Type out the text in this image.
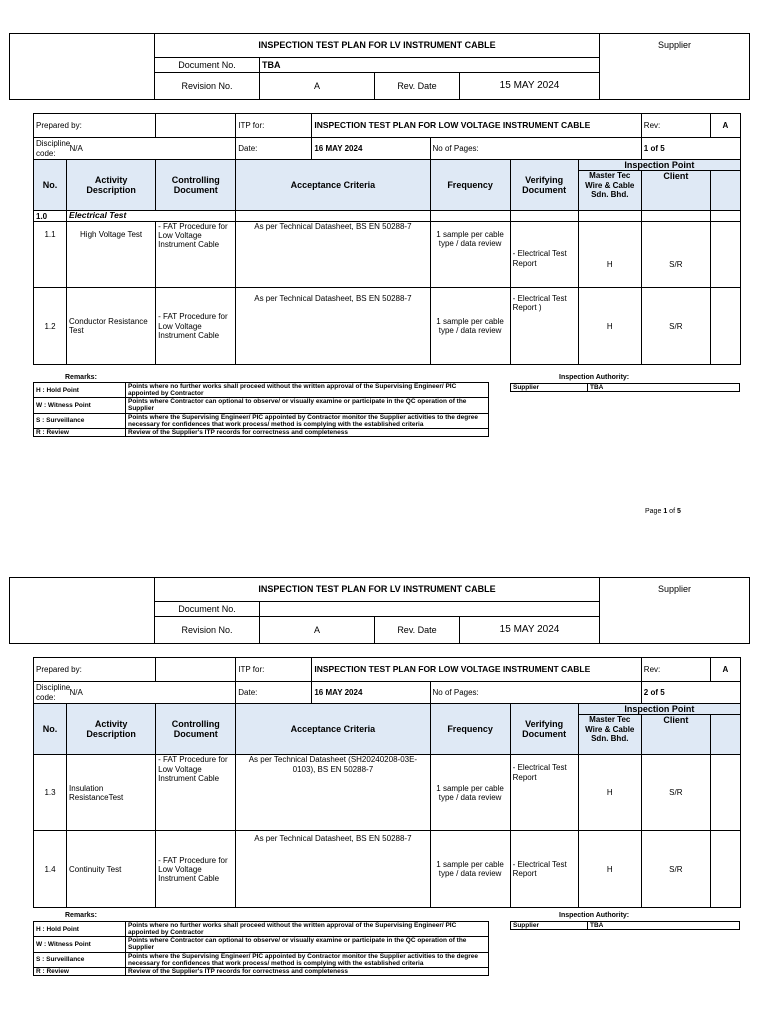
	INSPECTION TEST PLAN FOR LV INSTRUMENT CABLE				Supplier
	Document No.	TBA			
	Revision No.	A	Rev. Date	15 MAY 2024	
Prepared by:			ITP for:	INSPECTION TEST PLAN FOR LOW VOLTAGE INSTRUMENT CABLE				Rev:	A
Discipline code:	N/A		Date:	16 MAY 2024	No of Pages:			1 of 5	
No.	Activity Description	Controlling Document	Acceptance Criteria		Frequency	Verifying Document	Inspection Point		
							Master Tec Wire & Cable Sdn. Bhd.	Client	
1.0	Electrical Test								
1.1	High Voltage Test	- FAT Procedure for Low Voltage Instrument Cable	As per Technical Datasheet, BS EN 50288-7		1 sample per cable type / data review	- Electrical Test Report	H	S/R	
1.2	Conductor Resistance Test	- FAT Procedure for Low Voltage Instrument Cable	As per Technical Datasheet, BS EN 50288-7		1 sample per cable type / data review	- Electrical Test Report )	H	S/R	
Remarks:
H : Hold Point	Points where no further works shall proceed without the written approval of the Supervising Engineer/ PIC appointed by Contractor
W : Witness Point	Points where Contractor can optional to observe/ or visually examine or participate in the QC operation of the Supplier
S : Surveillance	Points where the Supervising Engineer/ PIC appointed by Contractor monitor the Supplier activities to the degree necessary for confidences that work process/ method is complying with the established criteria
R : Review	Review of the Supplier's ITP records for correctness and completeness
Inspection Authority:
Supplier	TBA
Page 1 of 5
	INSPECTION TEST PLAN FOR LV INSTRUMENT CABLE				Supplier
	Document No.				
	Revision No.	A	Rev. Date	15 MAY 2024	
Prepared by:			ITP for:	INSPECTION TEST PLAN FOR LOW VOLTAGE INSTRUMENT CABLE				Rev:	A
Discipline code:	N/A		Date:	16 MAY 2024	No of Pages:			2 of 5	
No.	Activity Description	Controlling Document	Acceptance Criteria		Frequency	Verifying Document	Inspection Point		
							Master Tec Wire & Cable Sdn. Bhd.	Client	
1.3	Insulation ResistanceTest	- FAT Procedure for Low Voltage Instrument Cable	As per Technical Datasheet (SH20240208-03E-0103), BS EN 50288-7		1 sample per cable type / data review	- Electrical Test Report	H	S/R	
1.4	Continuity Test	- FAT Procedure for Low Voltage Instrument Cable	As per Technical Datasheet, BS EN 50288-7		1 sample per cable type / data review	- Electrical Test Report	H	S/R	
Remarks:
H : Hold Point	Points where no further works shall proceed without the written approval of the Supervising Engineer/ PIC appointed by Contractor
W : Witness Point	Points where Contractor can optional to observe/ or visually examine or participate in the QC operation of the Supplier
S : Surveillance	Points where the Supervising Engineer/ PIC appointed by Contractor monitor the Supplier activities to the degree necessary for confidences that work process/ method is complying with the established criteria
R : Review	Review of the Supplier's ITP records for correctness and completeness
Inspection Authority:
Supplier	TBA
